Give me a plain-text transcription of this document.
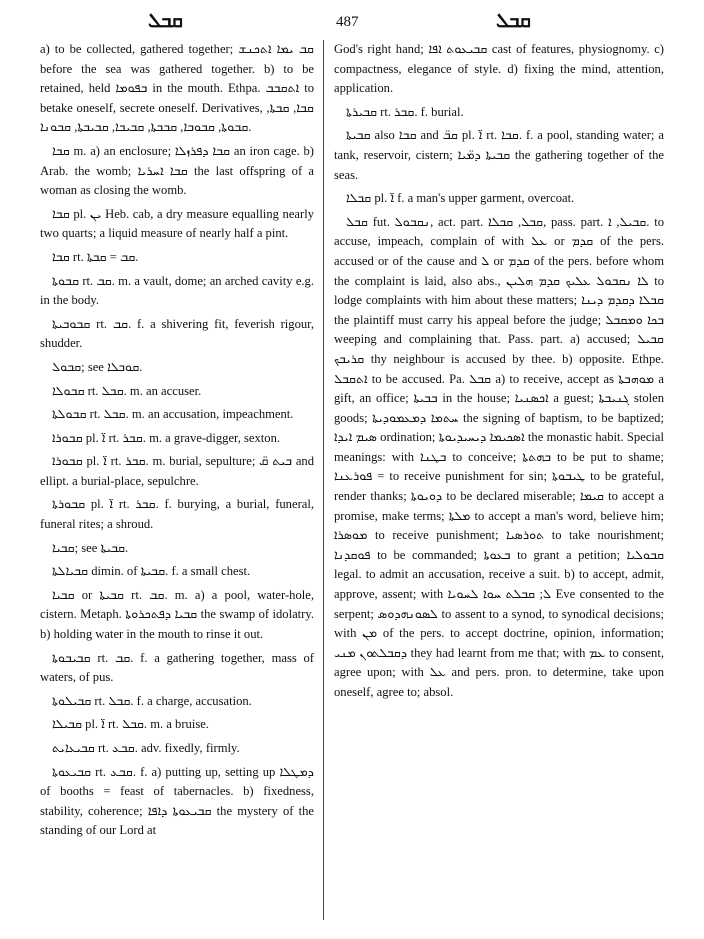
ܩܒܠ	487	ܩܒܠ

a) to be collected, gathered together; ܩܒ ܝܡܐ ܐܬܟܢܫ before the sea was gathered together. b) to be retained, held ܒܦܘܡܐ in the mouth. Ethpa. ܐܬܩܒܒ to betake oneself, secrete oneself. Derivatives, ܩܒܐ, ܩܒܬܐ, ܩܒܘܬܐ, ܩܒܘܒܐ, ܩܒܒܬܐ, ܩܒܝܒܐ, ܩܒܝܒܬܐ, ܩܒܘܢܐ.

ܩܒܐ m. a) an enclosure; ܩܒܐ ܕܦܪܙܠܐ an iron cage. b) Arab. the womb; ܩܒܐ ܐܚܪܝܐ the last offspring of a woman as closing the womb.

ܩܒܐ pl. ܝܢ Heb. cab, a dry measure equalling nearly two quarts; a liquid measure of nearly half a pint.

ܩܒܐ rt. ܩܒ = ܩܒܬܐ.

ܩܒܘܬܐ rt. ܩܒ. m. a vault, dome; an arched cavity e.g. in the body.

ܩܒܘܒܝܬܐ rt. ܩܒ. f. a shivering fit, feverish rigour, shudder.

ܩܒܘܠ; see ܩܘܒܠܐ.

ܩܒܘܠܐ rt. ܩܒܠ. m. an accuser.

ܩܒܘܠܬܐ rt. ܩܒܠ. m. an accusation, impeachment.

ܩܒܘܪܐ pl. ܐ̈ rt. ܩܒܪ. m. a grave-digger, sexton.

ܩܒܘܪܐ pl. ܐ̈ rt. ܩܒܪ. m. burial, sepulture; ܒܝܬ ܩ̈ and ellipt. a burial-place, sepulchre.

ܩܒܘܪܬܐ pl. ܐ̈ rt. ܩܒܪ. f. burying, a burial, funeral, funeral rites; a shroud.

ܩܒܝܐ; see ܩܒܝܬܐ.

ܩܒܝܐܠܬܐ dimin. of ܩܒܝܬܐ. f. a small chest.

ܩܒܝܐ or ܩܒܝܬܐ rt. ܩܒ. m. a) a pool, water-hole, cistern. Metaph. ܩܒܝܐ ܕܦܬܟܪܘܬܐ the swamp of idolatry. b) holding water in the mouth to rinse it out.

ܩܒܝܒܘܬܐ rt. ܩܒ. f. a gathering together, mass of waters, of pus.

ܩܒܝܠܘܬܐ rt. ܩܒܠ. f. a charge, accusation.

ܩܒܝܠܐ pl. ܐ̈ rt. ܩܒܠ. m. a bruise.

ܩܒܝܥܐܝܬ rt. ܩܒܥ. adv. fixedly, firmly.

ܩܒܝܥܘܬܐ rt. ܩܒܥ. f. a) putting up, setting up ܕܡܛܠܐ of booths = feast of tabernacles. b) fixedness, stability, coherence; ܩܒܝܥܘܬܐ ܕܐܦܐ the mystery of the standing of our Lord at

God's right hand; ܩܒܝܥܘܬ ܐܦܐ cast of features, physiognomy. c) compactness, elegance of style. d) fixing the mind, attention, application.

ܩܒܝܪܬܐ rt. ܩܒܪ. f. burial.

ܩܒܝܬܐ also ܩܒܐ and ܩܒ̈ pl. ܐ̈ rt. ܩܒܐ. f. a pool, standing water; a tank, reservoir, cistern; ܩܒܝܬܐ ܕܡ̈ܝܐ the gathering together of the seas.

ܩܒܠܐ pl. ܐ̈ f. a man's upper garment, overcoat.

ܩܒܠ fut. ܢܩܒܘܠ, act. part. ܩܒܠ, ܩܒܠܐ, pass. part. ܩܒܝܠ, ܐ. to accuse, impeach, complain of with ܥܠ or ܩܕܡ of the pers. accused or of the cause and ܠ or ܩܕܡ of the pers. before whom the complaint is laid, also abs., ܠܐ ܢܩܒܘܠ ܥܠܝܟ ܩܕܡ ܗܠܝܢ to lodge complaints with him about these matters; ܩܒܠܐ ܕܩܕܡ ܕܝܢܐ the plaintiff must carry his appeal before the judge; ܒܟܐ ܘܡܩܒܠ weeping and complaining that. Pass. part. a) accused; ܩܒܝܠ ܩܪܝܒܟ thy neighbour is accused by thee. b) opposite. Ethpe. ܐܬܩܒܠ to be accused. Pa. ܩܒܠ a) to receive, accept as ܡܘܗܒܬܐ a gift, an office; ܒܒܝܬܐ in the house; ܐܟܣܢܝܐ a guest; ܓܢܝܒܬܐ stolen goods; ܚܬܡܐ ܕܡܥܡܘܕܝܬܐ the signing of baptism, to be baptized; ܣܝܡ ܐܝܕܐ ordination; ܐܣܟܝܡܐ ܕܝܚܝܕܝܘܬܐ the monastic habit. Special meanings: with ܒܛܢܐ to conceive; ܒܗܬܬܐ to be put to shame; ܦܘܪܥܢܐ = to receive punishment for sin; ܛܝܒܘܬܐ to be grateful, render thanks; ܕܘܝܘܬܐ to be declared miserable; ܩܝܡܐ to accept a promise, make terms; ܡܠܬܐ to accept a man's word, believe him; ܡܘܣܪܐ to receive punishment; ܬܘܪܣܝܐ to take nourishment; ܦܘܩܕܢܐ to be commanded; ܒܥܘܬܐ to grant a petition; ܩܒܘܠܝܐ legal. to admit an accusation, receive a suit. b) to accept, admit, approve, assent; with ܠ; ܩܒܠܬ ܚܘܐ ܠܚܘܝܐ Eve consented to the serpent; ܠܣܘܢܗܕܘܣ to assent to a synod, to synodical decisions; with ܡܢ of the pers. to accept doctrine, opinion, information; ܕܩܒܠܬܘܢ ܡܢܝ they had learnt from me that; with ܥܡ to consent, agree upon; with ܥܠ and pers. pron. to determine, take upon oneself, agree to; absol.
